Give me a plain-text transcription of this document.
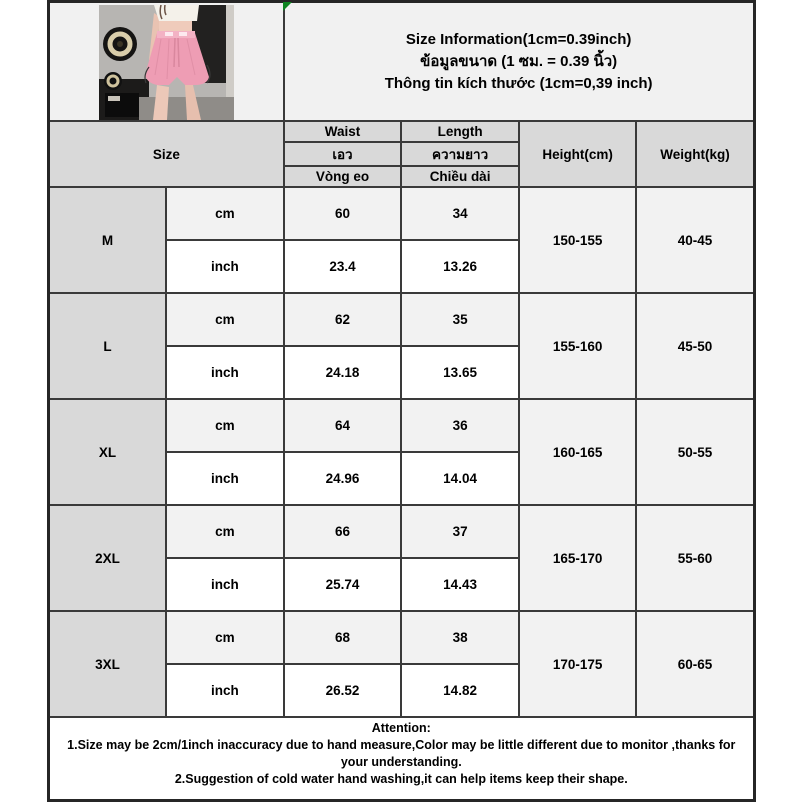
Size Information(1cm=0.39inch)
ข้อมูลขนาด (1 ซม. = 0.39 นิ้ว)
Thông tin kích thước (1cm=0,39 inch)			

Size		Waist	Length	Height(cm)	Weight(kg)
		เอว	ความยาว		
		Vòng eo	Chiều dài		
M	cm	60	34	150-155	40-45
	inch	23.4	13.26		
L	cm	62	35	155-160	45-50
	inch	24.18	13.65		
XL	cm	64	36	160-165	50-55
	inch	24.96	14.04		
2XL	cm	66	37	165-170	55-60
	inch	25.74	14.43		
3XL	cm	68	38	170-175	60-65
	inch	26.52	14.82		

Attention:
1.Size may be 2cm/1inch inaccuracy due to hand measure,Color may be little different due to monitor ,thanks for your understanding.
2.Suggestion of cold water hand washing,it can help items keep their shape.					
